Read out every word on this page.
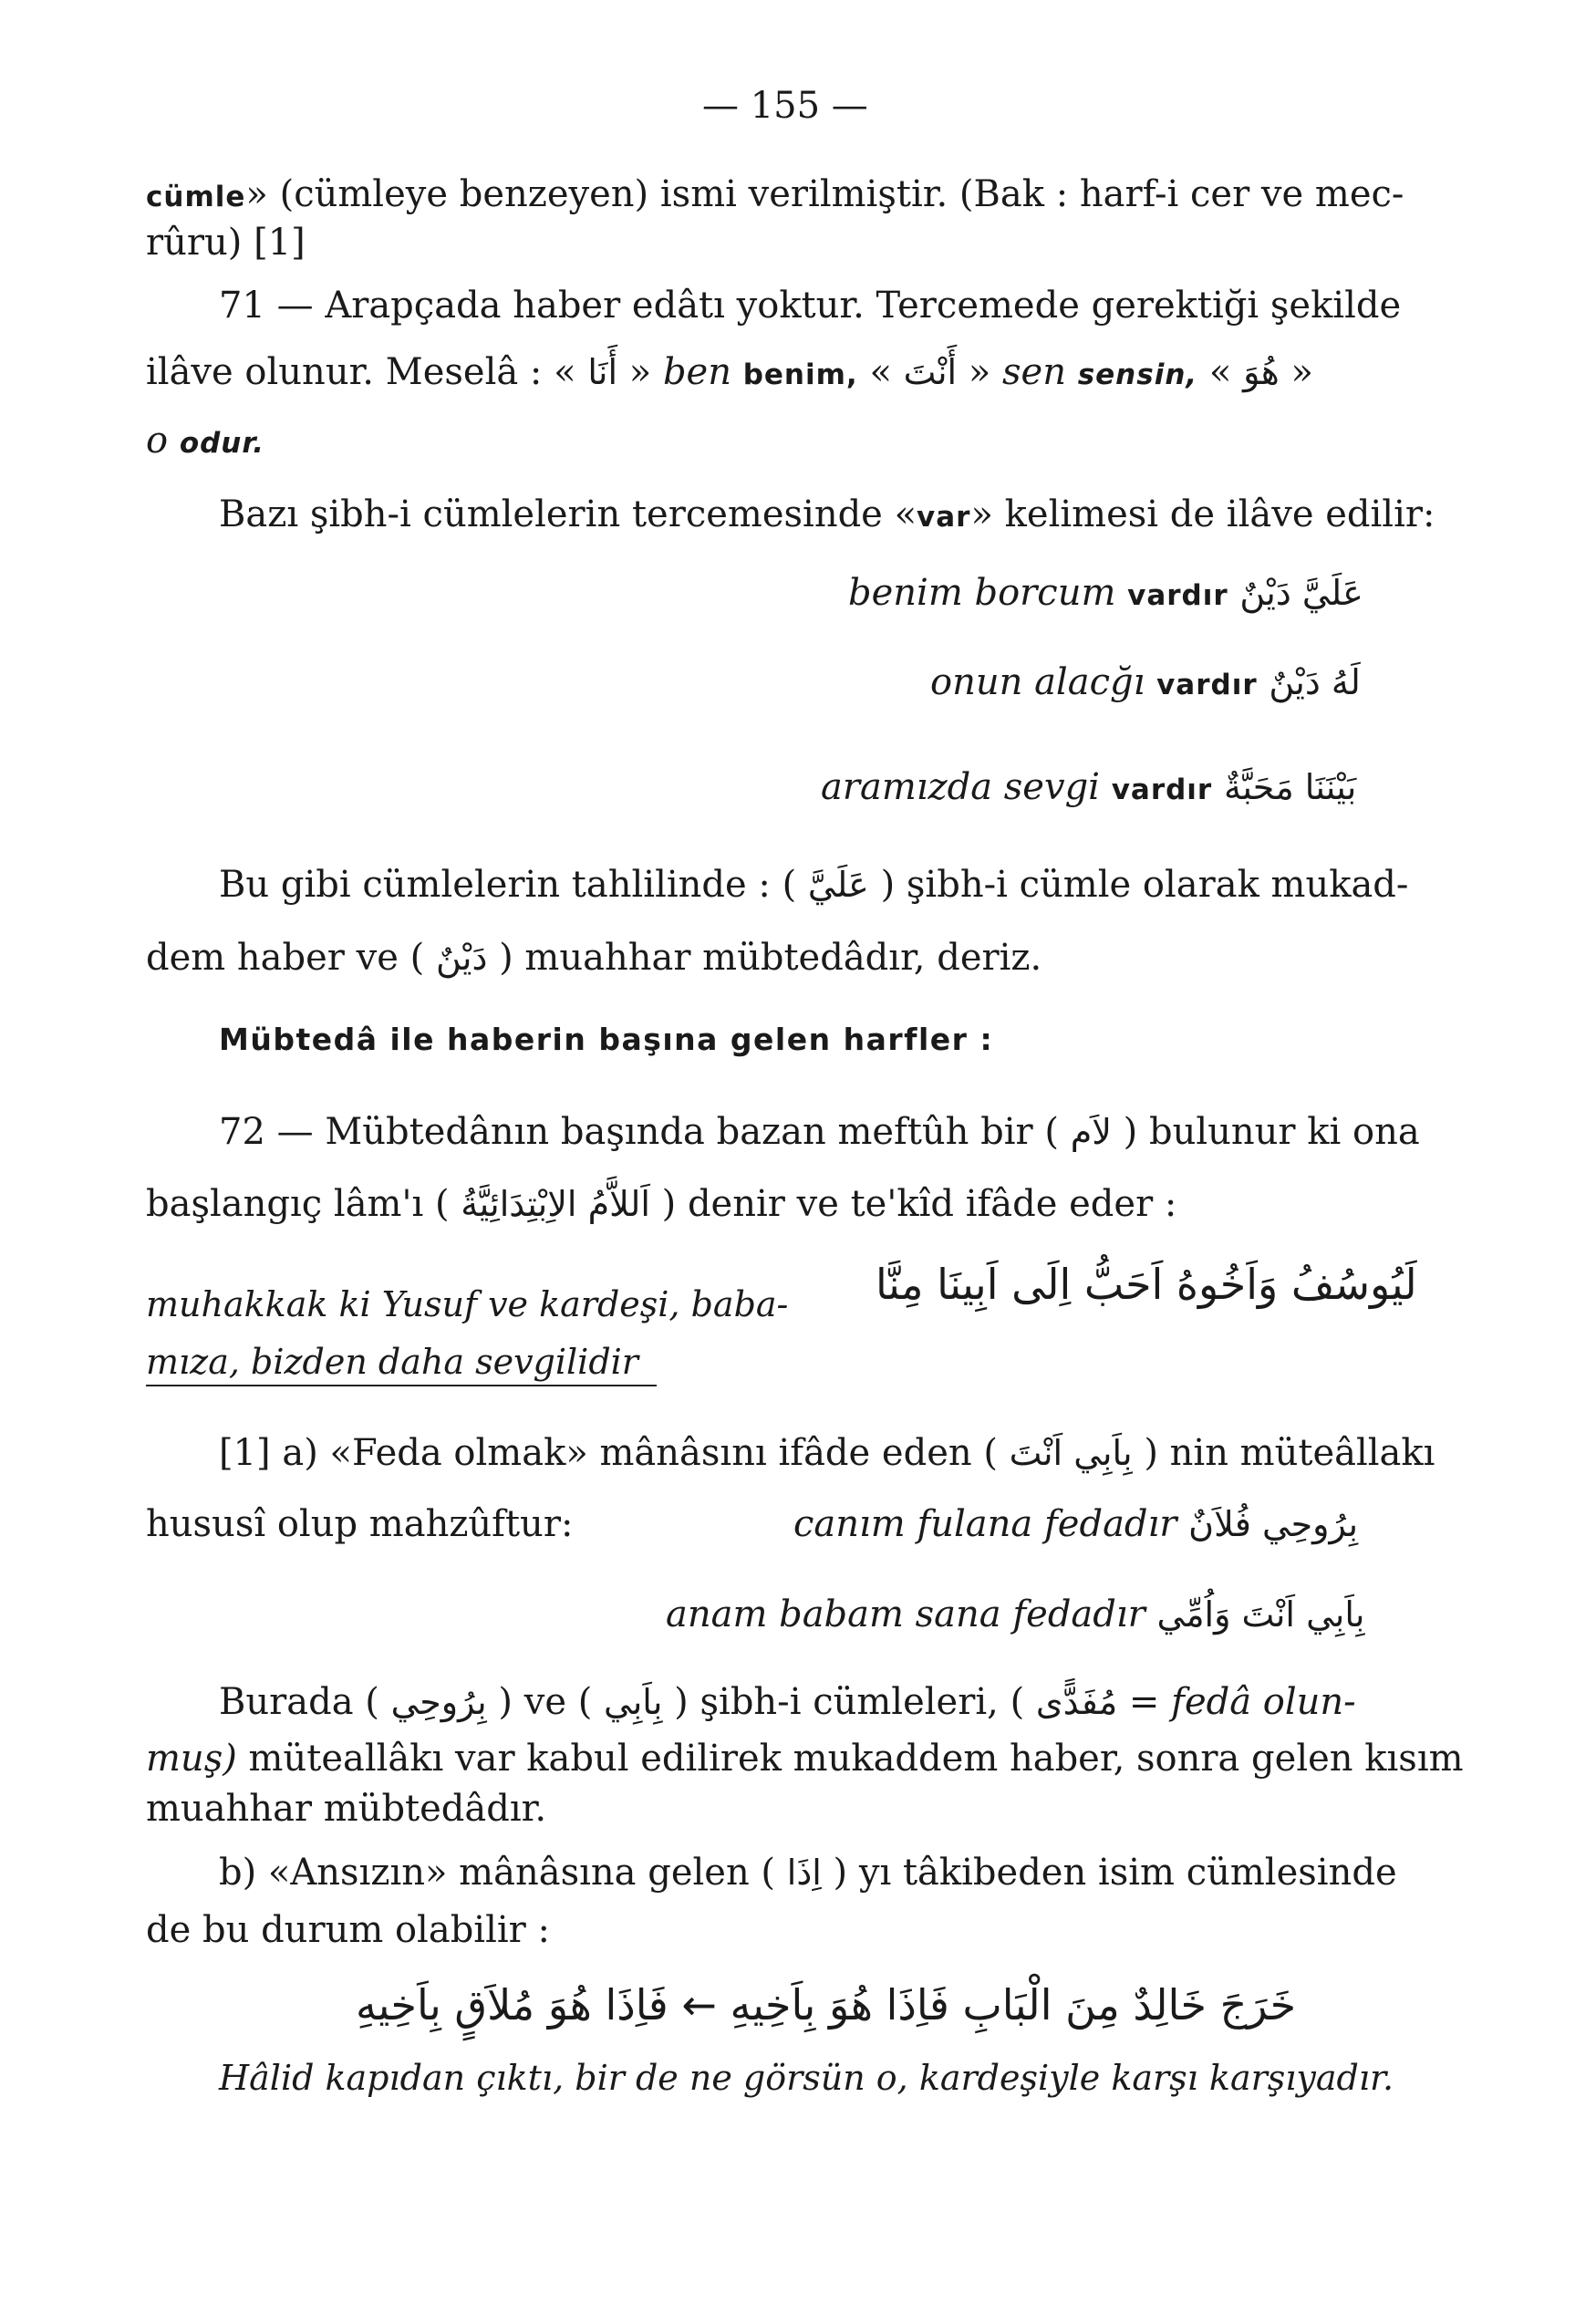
— 155 —
cümle» (cümleye benzeyen) ismi verilmiştir. (Bak : harf-i cer ve mec-
rûru) [1]
71 — Arapçada haber edâtı yoktur. Tercemede gerektiği şekilde
ilâve olunur. Meselâ : « أَنَا » ben benim, « أَنْتَ » sen sensin, « هُوَ »
o odur.
Bazı şibh-i cümlelerin tercemesinde «var» kelimesi de ilâve edilir:
benim borcum vardır عَلَيَّ دَيْنٌ
onun alacğı vardır لَهُ دَيْنٌ
aramızda sevgi vardır بَيْنَنَا مَحَبَّةٌ
Bu gibi cümlelerin tahlilinde : ( عَلَيَّ ) şibh-i cümle olarak mukad-
dem haber ve ( دَيْنٌ ) muahhar mübtedâdır, deriz.
Mübtedâ ile haberin başına gelen harfler :
72 — Mübtedânın başında bazan meftûh bir ( لاَم ) bulunur ki ona
başlangıç lâm'ı ( اَللاَّمُ الاِبْتِدَائِيَّةُ ) denir ve te'kîd ifâde eder :
muhakkak ki Yusuf ve kardeşi, baba- لَيُوسُفُ وَاَخُوهُ اَحَبُّ اِلَى اَبِينَا مِنَّا
mıza, bizden daha sevgilidir
[1] a) «Feda olmak» mânâsını ifâde eden ( بِاَبِي اَنْتَ ) nin müteâllakı
hususî olup mahzûftur:	canım fulana fedadır بِرُوحِي فُلاَنٌ
anam babam sana fedadır بِاَبِي اَنْتَ وَاُمِّي
Burada ( بِرُوحِي ) ve ( بِاَبِي ) şibh-i cümleleri, ( مُفَدًّى = fedâ olun-
muş) müteallâkı var kabul edilirek mukaddem haber, sonra gelen kısım
muahhar mübtedâdır.
b) «Ansızın» mânâsına gelen ( اِذَا ) yı tâkibeden isim cümlesinde
de bu durum olabilir :
خَرَجَ خَالِدٌ مِنَ الْبَابِ فَاِذَا هُوَ بِاَخِيهِ ← فَاِذَا هُوَ مُلاَقٍ بِاَخِيهِ
Hâlid kapıdan çıktı, bir de ne görsün o, kardeşiyle karşı karşıyadır.
